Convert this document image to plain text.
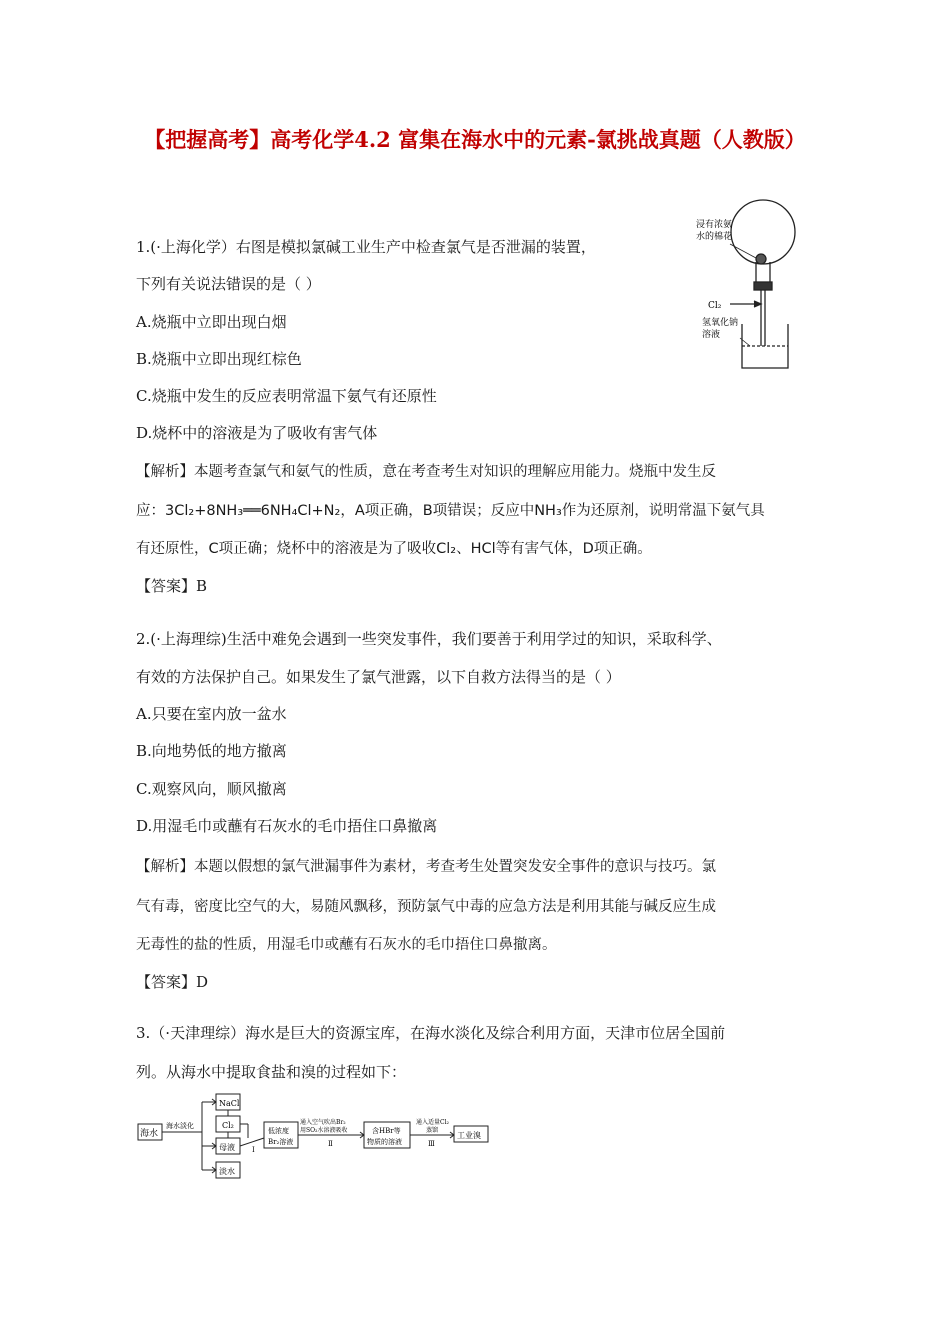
【把握高考】高考化学4.2 富集在海水中的元素-氯挑战真题（人教版）
1.(·上海化学）右图是模拟氯碱工业生产中检查氯气是否泄漏的装置，
下列有关说法错误的是（ ）
A.烧瓶中立即出现白烟
B.烧瓶中立即出现红棕色
C.烧瓶中发生的反应表明常温下氨气有还原性
D.烧杯中的溶液是为了吸收有害气体
【解析】本题考查氯气和氨气的性质，意在考查考生对知识的理解应用能力。烧瓶中发生反
应：3Cl₂+8NH₃══6NH₄Cl+N₂，A项正确，B项错误；反应中NH₃作为还原剂，说明常温下氨气具
有还原性，C项正确；烧杯中的溶液是为了吸收Cl₂、HCl等有害气体，D项正确。
【答案】B
浸有浓氨
水的棉花
Cl₂
氢氧化钠
溶液
2.(·上海理综)生活中难免会遇到一些突发事件，我们要善于利用学过的知识，采取科学、
有效的方法保护自己。如果发生了氯气泄露，以下自救方法得当的是（ ）
A.只要在室内放一盆水
B.向地势低的地方撤离
C.观察风向，顺风撤离
D.用湿毛巾或蘸有石灰水的毛巾捂住口鼻撤离
【解析】本题以假想的氯气泄漏事件为素材，考查考生处置突发安全事件的意识与技巧。氯
气有毒，密度比空气的大，易随风飘移，预防氯气中毒的应急方法是利用其能与碱反应生成
无毒性的盐的性质，用湿毛巾或蘸有石灰水的毛巾捂住口鼻撤离。
【答案】D
3.（·天津理综）海水是巨大的资源宝库，在海水淡化及综合利用方面，天津市位居全国前
列。从海水中提取食盐和溴的过程如下：
海水
海水淡化
NaCl
Cl₂
母液
淡水
Ⅰ
低浓度
Br₂溶液
通入空气吹出Br₂
用SO₂水溶液吸收
Ⅱ
含HBr等
物质的溶液
通入适量Cl₂
蒸馏
Ⅲ
工业溴
